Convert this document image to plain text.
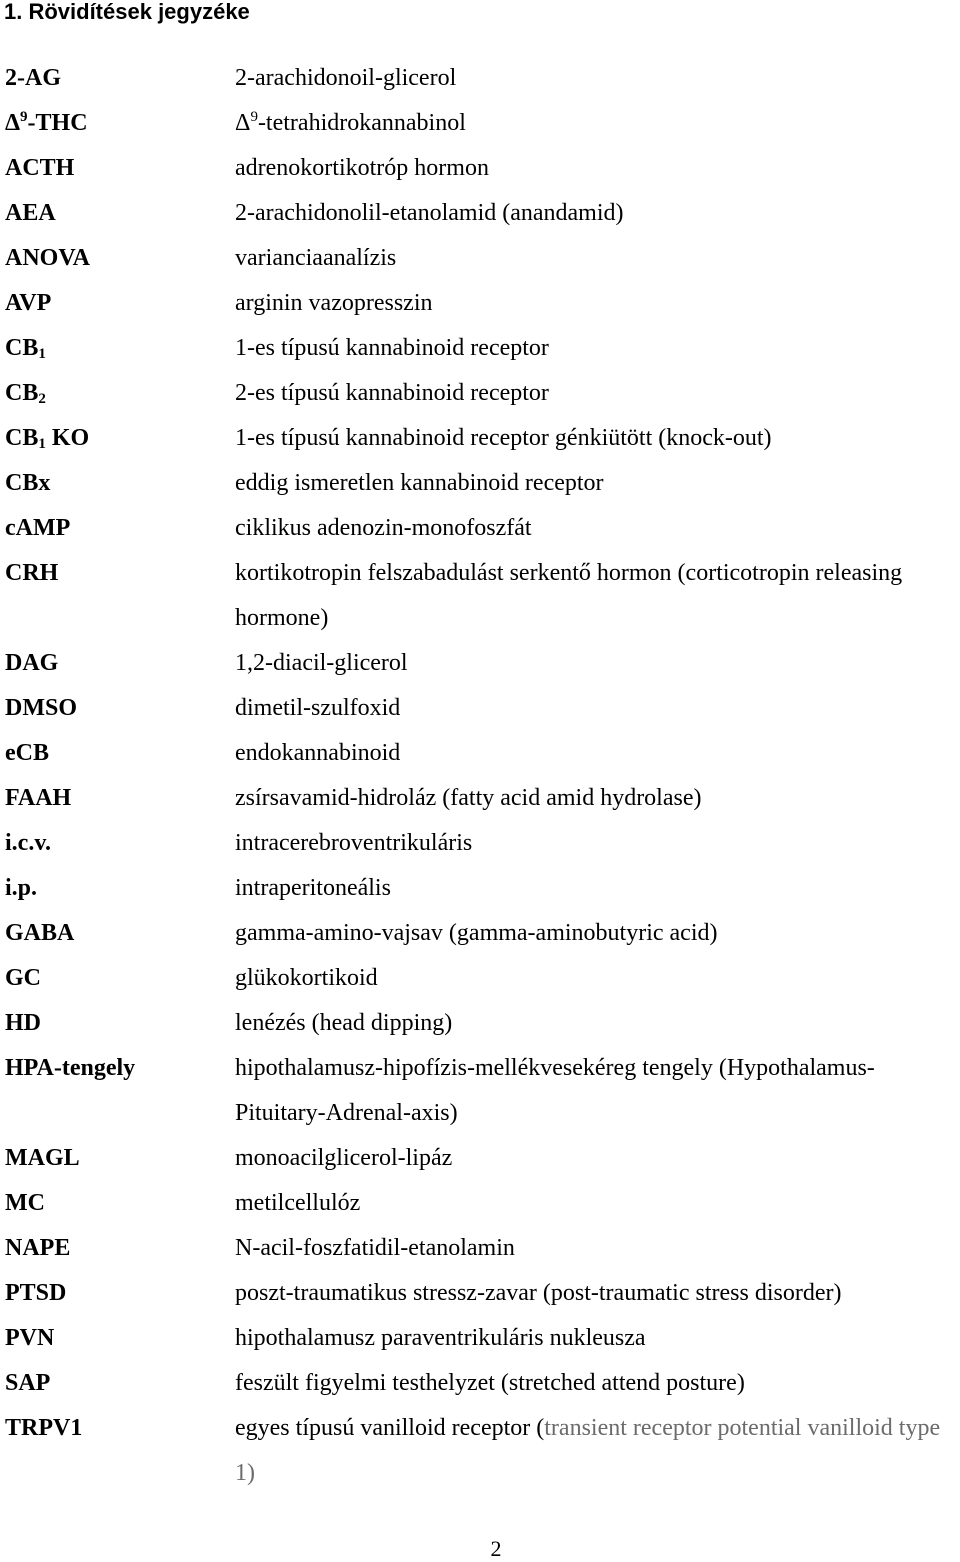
1. Rövidítések jegyzéke
2-AG	2-arachidonoil-glicerol
$\Delta^9$-THC	$\Delta^9$-tetrahidrokannabinol
ACTH	adrenokortikotróp hormon
AEA	2-arachidonolil-etanolamid (anandamid)
ANOVA	varianciaanalízis
AVP	arginin vazopresszin
$CB_1$	1-es típusú kannabinoid receptor
$CB_2$	2-es típusú kannabinoid receptor
$CB_1$ KO	1-es típusú kannabinoid receptor génkiütött (knock-out)
CBx	eddig ismeretlen kannabinoid receptor
cAMP	ciklikus adenozin-monofoszfát
CRH	kortikotropin felszabadulást serkentő hormon (corticotropin releasing hormone)
DAG	1,2-diacil-glicerol
DMSO	dimetil-szulfoxid
eCB	endokannabinoid
FAAH	zsírsavamid-hidroláz (fatty acid amid hydrolase)
i.c.v.	intracerebroventrikuláris
i.p.	intraperitoneális
GABA	gamma-amino-vajsav (gamma-aminobutyric acid)
GC	glükokortikoid
HD	lenézés (head dipping)
HPA-tengely	hipothalamusz-hipofízis-mellékvesekéreg tengely (Hypothalamus-Pituitary-Adrenal-axis)
MAGL	monoacilglicerol-lipáz
MC	metilcellulóz
NAPE	N-acil-foszfatidil-etanolamin
PTSD	poszt-traumatikus stressz-zavar (post-traumatic stress disorder)
PVN	hipothalamusz paraventrikuláris nukleusza
SAP	feszült figyelmi testhelyzet (stretched attend posture)
TRPV1	egyes típusú vanilloid receptor (transient receptor potential vanilloid type 1)
2
